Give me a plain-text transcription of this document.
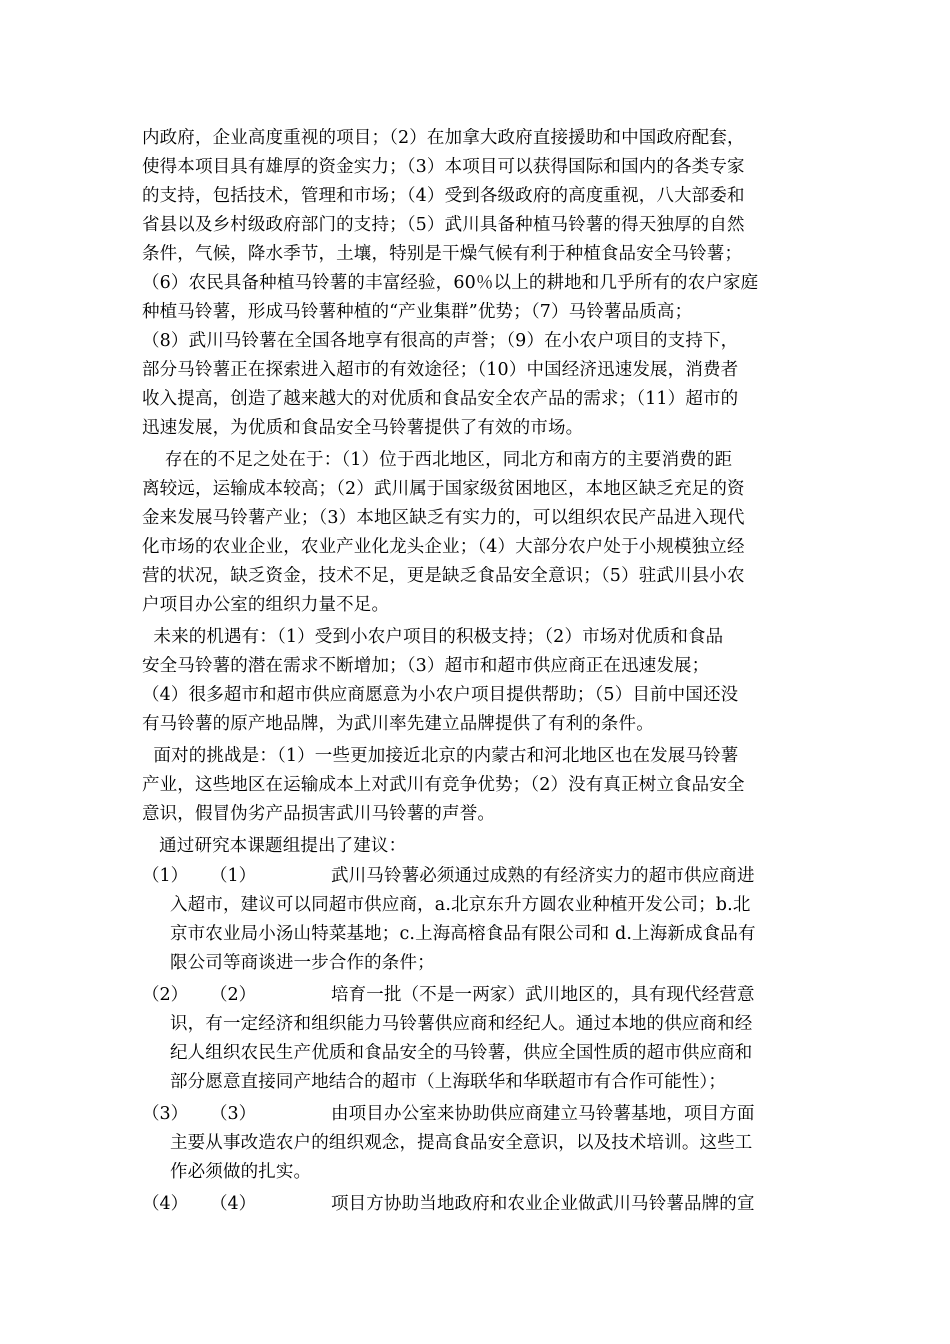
内政府，企业高度重视的项目；（2）在加拿大政府直接援助和中国政府配套，
使得本项目具有雄厚的资金实力；（3）本项目可以获得国际和国内的各类专家
的支持，包括技术，管理和市场；（4）受到各级政府的高度重视，八大部委和
省县以及乡村级政府部门的支持；（5）武川具备种植马铃薯的得天独厚的自然
条件，气候，降水季节，土壤，特别是干燥气候有利于种植食品安全马铃薯；
（6）农民具备种植马铃薯的丰富经验，60％以上的耕地和几乎所有的农户家庭
种植马铃薯，形成马铃薯种植的“产业集群”优势；（7）马铃薯品质高；
（8）武川马铃薯在全国各地享有很高的声誉；（9）在小农户项目的支持下，
部分马铃薯正在探索进入超市的有效途径；（10）中国经济迅速发展，消费者
收入提高，创造了越来越大的对优质和食品安全农产品的需求；（11）超市的
迅速发展，为优质和食品安全马铃薯提供了有效的市场。
存在的不足之处在于：（1）位于西北地区，同北方和南方的主要消费的距
离较远，运输成本较高；（2）武川属于国家级贫困地区，本地区缺乏充足的资
金来发展马铃薯产业；（3）本地区缺乏有实力的，可以组织农民产品进入现代
化市场的农业企业，农业产业化龙头企业；（4）大部分农户处于小规模独立经
营的状况，缺乏资金，技术不足，更是缺乏食品安全意识；（5）驻武川县小农
户项目办公室的组织力量不足。
未来的机遇有：（1）受到小农户项目的积极支持；（2）市场对优质和食品
安全马铃薯的潜在需求不断增加；（3）超市和超市供应商正在迅速发展；
（4）很多超市和超市供应商愿意为小农户项目提供帮助；（5）目前中国还没
有马铃薯的原产地品牌，为武川率先建立品牌提供了有利的条件。
面对的挑战是：（1）一些更加接近北京的内蒙古和河北地区也在发展马铃薯
产业，这些地区在运输成本上对武川有竞争优势；（2）没有真正树立食品安全
意识，假冒伪劣产品损害武川马铃薯的声誉。
通过研究本课题组提出了建议：
（1） （1）	武川马铃薯必须通过成熟的有经济实力的超市供应商进
入超市，建议可以同超市供应商，a.北京东升方圆农业种植开发公司；b.北
京市农业局小汤山特菜基地；c.上海高榕食品有限公司和 d.上海新成食品有
限公司等商谈进一步合作的条件；
（2） （2）	培育一批（不是一两家）武川地区的，具有现代经营意
识，有一定经济和组织能力马铃薯供应商和经纪人。通过本地的供应商和经
纪人组织农民生产优质和食品安全的马铃薯，供应全国性质的超市供应商和
部分愿意直接同产地结合的超市（上海联华和华联超市有合作可能性）；
（3） （3）	由项目办公室来协助供应商建立马铃薯基地，项目方面
主要从事改造农户的组织观念，提高食品安全意识，以及技术培训。这些工
作必须做的扎实。
（4） （4）	项目方协助当地政府和农业企业做武川马铃薯品牌的宣
